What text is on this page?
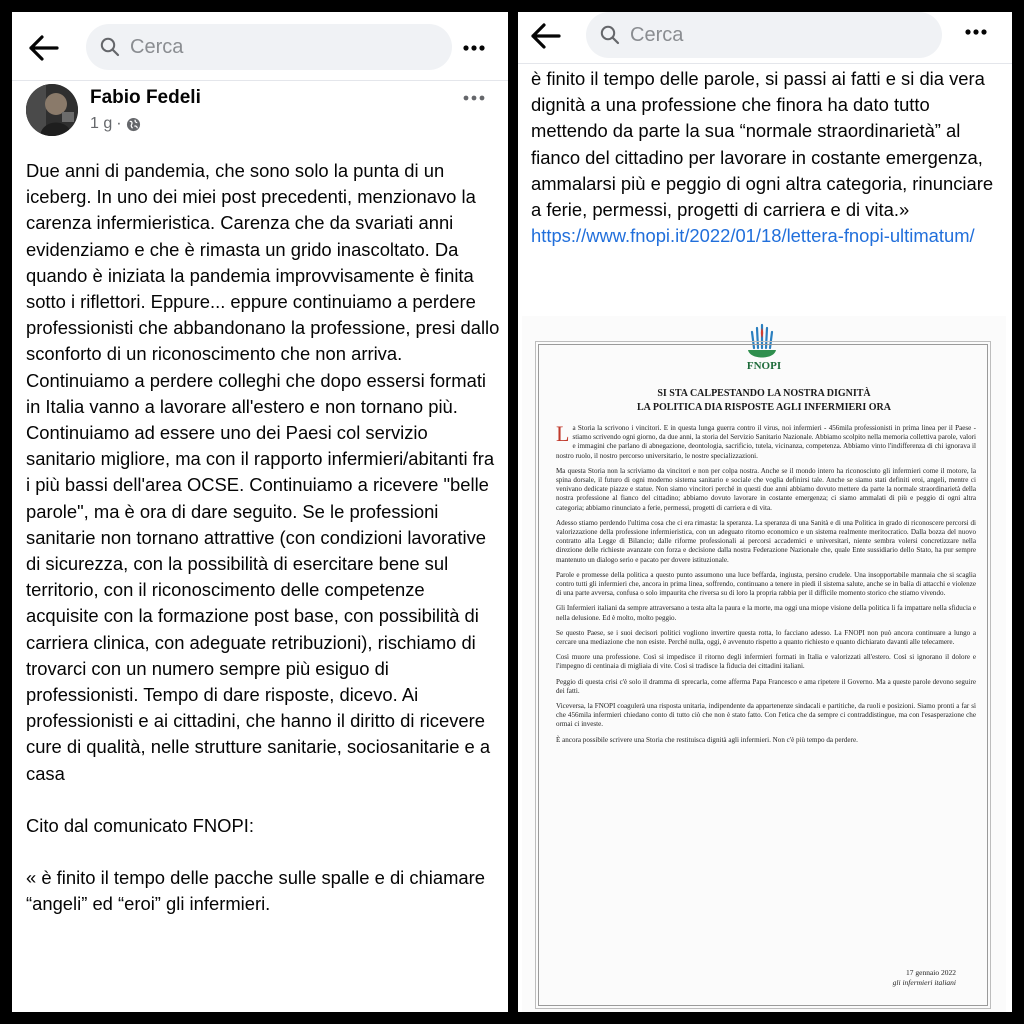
Cerca
Fabio Fedeli
1 g ·

Due anni di pandemia, che sono solo la punta di un iceberg. In uno dei miei post precedenti, menzionavo la carenza infermieristica. Carenza che da svariati anni evidenziamo e che è rimasta un grido inascoltato. Da quando è iniziata la pandemia improvvisamente è finita sotto i riflettori. Eppure... eppure continuiamo a perdere professionisti che abbandonano la professione, presi dallo sconforto di un riconoscimento che non arriva. Continuiamo a perdere colleghi che dopo essersi formati in Italia vanno a lavorare all'estero e non tornano più. Continuiamo ad essere uno dei Paesi col servizio sanitario migliore, ma con il rapporto infermieri/abitanti fra i più bassi dell'area OCSE. Continuiamo a ricevere "belle parole", ma è ora di dare seguito. Se le professioni sanitarie non tornano attrattive (con condizioni lavorative di sicurezza, con la possibilità di esercitare bene sul territorio, con il riconoscimento delle competenze acquisite con la formazione post base, con possibilità di carriera clinica, con adeguate retribuzioni), rischiamo di trovarci con un numero sempre più esiguo di professionisti. Tempo di dare risposte, dicevo. Ai professionisti e ai cittadini, che hanno il diritto di ricevere cure di qualità, nelle strutture sanitarie, sociosanitarie e a casa

Cito dal comunicato FNOPI:

« è finito il tempo delle pacche sulle spalle e di chiamare “angeli” ed “eroi” gli infermieri.

Cerca
è finito il tempo delle parole, si passi ai fatti e si dia vera dignità a una professione che finora ha dato tutto mettendo da parte la sua “normale straordinarietà” al fianco del cittadino per lavorare in costante emergenza, ammalarsi più e peggio di ogni altra categoria, rinunciare a ferie, permessi, progetti di carriera e di vita.»
https://www.fnopi.it/2022/01/18/lettera-fnopi-ultimatum/
FNOPI
SI STA CALPESTANDO LA NOSTRA DIGNITÀ
LA POLITICA DIA RISPOSTE AGLI INFERMIERI ORA

La Storia la scrivono i vincitori. E in questa lunga guerra contro il virus, noi infermieri - 456mila professionisti in prima linea per il Paese - stiamo scrivendo ogni giorno, da due anni, la storia del Servizio Sanitario Nazionale. Abbiamo scolpito nella memoria collettiva parole, valori e immagini che parlano di abnegazione, deontologia, sacrificio, tutela, vicinanza, competenza. Abbiamo vinto l'indifferenza di chi ignorava il nostro ruolo, il nostro percorso universitario, le nostre specializzazioni.

Ma questa Storia non la scriviamo da vincitori e non per colpa nostra. Anche se il mondo intero ha riconosciuto gli infermieri come il motore, la spina dorsale, il futuro di ogni moderno sistema sanitario e sociale che voglia definirsi tale. Anche se siamo stati definiti eroi, angeli, mentre ci venivano dedicate piazze e statue. Non siamo vincitori perché in questi due anni abbiamo dovuto mettere da parte la normale straordinarietà della nostra professione al fianco del cittadino; abbiamo dovuto lavorare in costante emergenza; ci siamo ammalati di più e peggio di ogni altra categoria; abbiamo rinunciato a ferie, permessi, progetti di carriera e di vita.

Adesso stiamo perdendo l'ultima cosa che ci era rimasta: la speranza. La speranza di una Sanità e di una Politica in grado di riconoscere percorsi di valorizzazione della professione infermieristica, con un adeguato ritorno economico e un sistema realmente meritocratico. Dalla bozza del nuovo contratto alla Legge di Bilancio; dalle riforme professionali ai percorsi accademici e universitari, niente sembra volersi concretizzare nella direzione delle richieste avanzate con forza e decisione dalla nostra Federazione Nazionale che, quale Ente sussidiario dello Stato, ha pur sempre mantenuto un dialogo serio e pacato per dovere istituzionale.

Parole e promesse della politica a questo punto assumono una luce beffarda, ingiusta, persino crudele. Una insopportabile mannaia che si scaglia contro tutti gli infermieri che, ancora in prima linea, soffrendo, continuano a tenere in piedi il sistema salute, anche se in balìa di attacchi e violenze di una parte avversa, confusa o solo impaurita che riversa su di loro la propria rabbia per il difficile momento storico che stiamo vivendo.

Gli Infermieri italiani da sempre attraversano a testa alta la paura e la morte, ma oggi una miope visione della politica li fa impattare nella sfiducia e nella delusione. Ed è molto, molto peggio.

Se questo Paese, se i suoi decisori politici vogliono invertire questa rotta, lo facciano adesso. La FNOPI non può ancora continuare a lungo a cercare una mediazione che non esiste. Perché nulla, oggi, è avvenuto rispetto a quanto richiesto e quanto dichiarato davanti alle telecamere.

Così muore una professione. Così si impedisce il ritorno degli infermieri formati in Italia e valorizzati all'estero. Così si ignorano il dolore e l'impegno di centinaia di migliaia di vite. Così si tradisce la fiducia dei cittadini italiani.

Peggio di questa crisi c'è solo il dramma di sprecarla, come afferma Papa Francesco e ama ripetere il Governo. Ma a queste parole devono seguire dei fatti.

Viceversa, la FNOPI coagulerà una risposta unitaria, indipendente da appartenenze sindacali e partitiche, da ruoli e posizioni. Siamo pronti a far sì che 456mila infermieri chiedano conto di tutto ciò che non è stato fatto. Con l'etica che da sempre ci contraddistingue, ma con l'esasperazione che ormai ci investe.

È ancora possibile scrivere una Storia che restituisca dignità agli infermieri. Non c'è più tempo da perdere.

17 gennaio 2022
gli infermieri italiani
